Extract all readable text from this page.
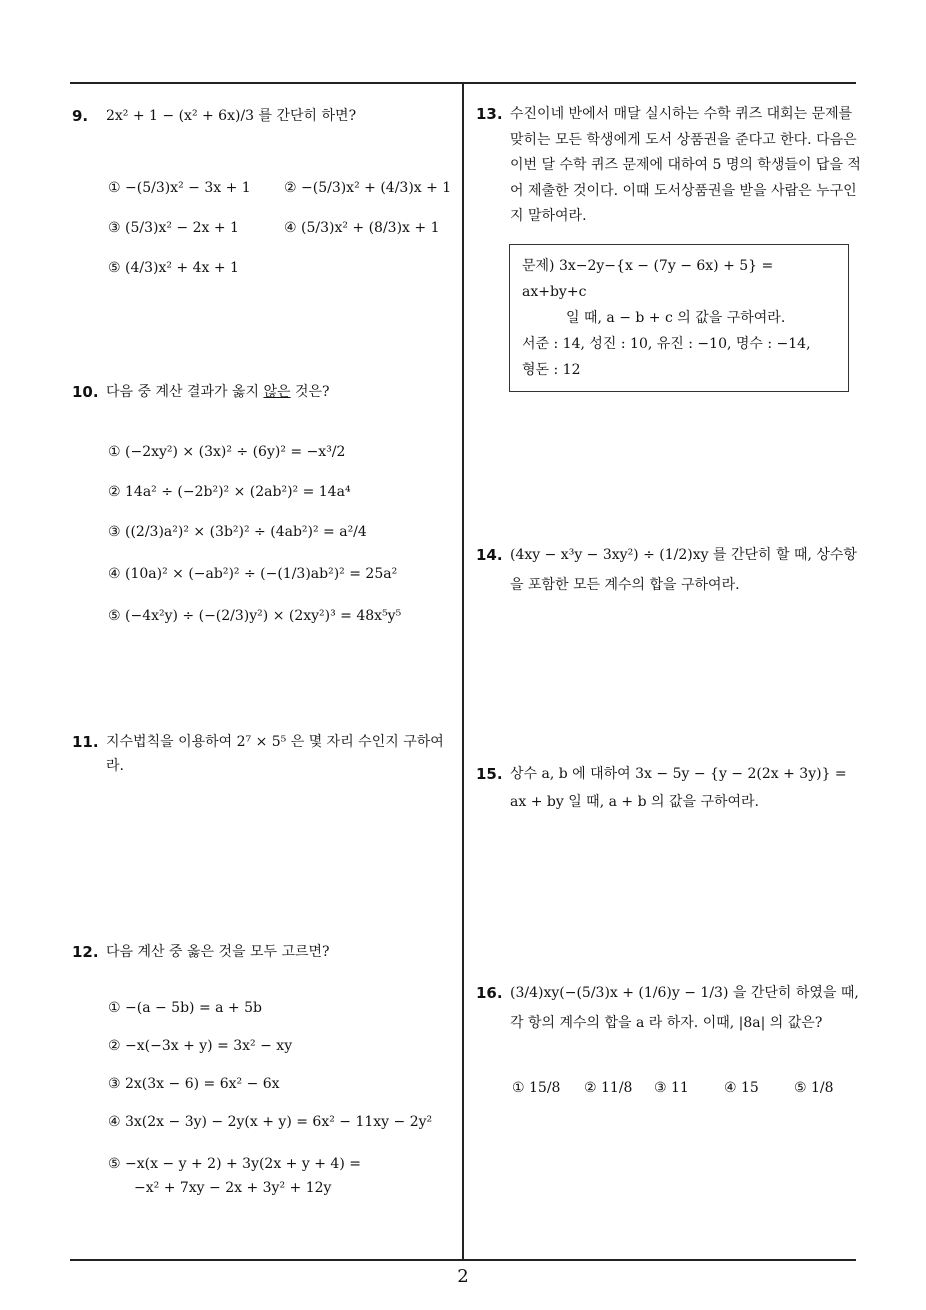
2
9. 2x² + 1 − (x² + 6x)/3 를 간단히 하면?
① −(5/3)x² − 3x + 1 ② −(5/3)x² + (4/3)x + 1
③ (5/3)x² − 2x + 1	④ (5/3)x² + (8/3)x + 1
⑤ (4/3)x² + 4x + 1
10. 다음 중 계산 결과가 옳지 않은 것은?
① (−2xy²) × (3x)² ÷ (6y)² = −x³/2
② 14a² ÷ (−2b²)² × (2ab²)² = 14a⁴
③ ((2/3)a²)² × (3b²)² ÷ (4ab²)² = a²/4
④ (10a)² × (−ab²)² ÷ (−(1/3)ab²)² = 25a²
⑤ (−4x²y) ÷ (−(2/3)y²) × (2xy²)³ = 48x⁵y⁵
11. 지수법칙을 이용하여 2⁷ × 5⁵ 은 몇 자리 수인지 구하여라.
12. 다음 계산 중 옳은 것을 모두 고르면?
① −(a − 5b) = a + 5b
② −x(−3x + y) = 3x² − xy
③ 2x(3x − 6) = 6x² − 6x
④ 3x(2x − 3y) − 2y(x + y) = 6x² − 11xy − 2y²
⑤ −x(x − y + 2) + 3y(2x + y + 4) =
−x² + 7xy − 2x + 3y² + 12y
13. 수진이네 반에서 매달 실시하는 수학 퀴즈 대회는 문제를 맞히는 모든 학생에게 도서 상품권을 준다고 한다. 다음은 이번 달 수학 퀴즈 문제에 대하여 5 명의 학생들이 답을 적어 제출한 것이다. 이때 도서상품권을 받을 사람은 누구인지 말하여라.
문제) 3x−2y−{x − (7y − 6x) + 5} = ax+by+c
일 때, a − b + c 의 값을 구하여라.
서준 : 14, 성진 : 10, 유진 : −10, 명수 : −14,
형돈 : 12
14. (4xy − x³y − 3xy²) ÷ (1/2)xy 를 간단히 할 때, 상수항을 포함한 모든 계수의 합을 구하여라.
15. 상수 a, b 에 대하여 3x − 5y − {y − 2(2x + 3y)} = ax + by 일 때, a + b 의 값을 구하여라.
16. (3/4)xy(−(5/3)x + (1/6)y − 1/3) 을 간단히 하였을 때, 각 항의 계수의 합을 a 라 하자. 이때, |8a| 의 값은?
① 15/8 ② 11/8 ③ 11	④ 15	⑤ 1/8
